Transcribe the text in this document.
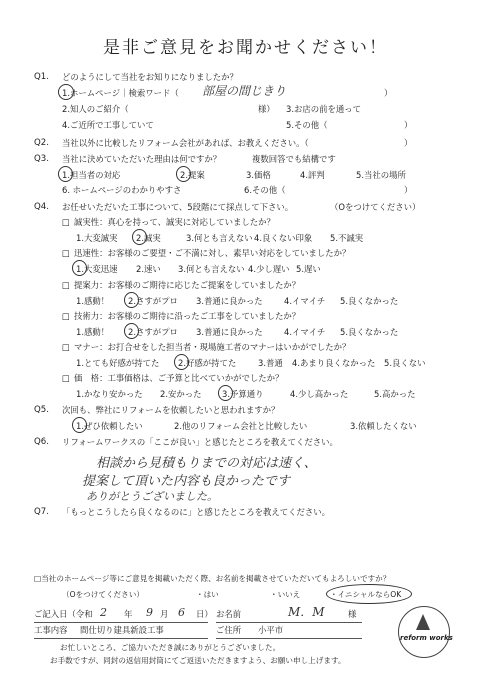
是非ご意見をお聞かせください！
Q1. どのようにして当社をお知りになりましたか？
1.ホームページ｜検索ワード（ 部屋の間じきり	）
2.知人のご紹介（	様） 3.お店の前を通って
4.ご近所で工事していて	5.その他（	）
Q2. 当社以外に比較したリフォーム会社があれば、お教えください。（	）
Q3. 当社に決めていただいた理由は何ですか？	複数回答でも結構です
1.担当者の対応	2.提案	3.価格	4.評判	5.当社の場所
6. ホームページのわかりやすさ	6.その他（	）
Q4. お任せいただいた工事について、5段階にて採点して下さい。	（Oをつけてください）
□ 誠実性：真心を持って、誠実に対応していましたか？
1.大変誠実 2.誠実	3.何とも言えない 4.良くない印象 5.不誠実
□ 迅速性：お客様のご要望・ご不満に対し、素早い対応をしていましたか？
1.大変迅速 2.速い 3.何とも言えない 4.少し遅い 5.遅い
□ 提案力：お客様のご期待に応じたご提案をしていましたか？
1.感動！ 2.さすがプロ 3.普通に良かった	4.イマイチ 5.良くなかった
□ 技術力：お客様のご期待に沿ったご工事をしていましたか？
1.感動！ 2.さすがプロ 3.普通に良かった	4.イマイチ 5.良くなかった
□ マナー：お打合せをした担当者・現場施工者のマナーはいかがでしたか？
1.とても好感が持てた 2.好感が持てた	3.普通 4.あまり良くなかった 5.良くない
□ 価　格：工事価格は、ご予算と比べていかがでしたか？
1.かなり安かった 2.安かった 3.予算通り	4.少し高かった	5.高かった
Q5. 次回も、弊社にリフォームを依頼したいと思われますか？
1.ぜひ依頼したい	2.他のリフォーム会社と比較したい	3.依頼したくない
Q6. リフォームワークスの「ここが良い」と感じたところを教えてください。
相談から見積もりまでの対応は速く、
提案して頂いた内容も良かったです
ありがとうございました。
Q7. 「もっとこうしたら良くなるのに」と感じたところを教えてください。
□当社のホームページ等にご意見を掲載いただく際、お名前を掲載させていただいてもよろしいですか？
（Oをつけてください）	・はい	・いいえ	・イニシャルならOK
ご記入日（令和 2 年 9 月 6 日） お名前	M．M	様
工事内容 間仕切り建具新設工事	ご住所 小平市
お忙しいところ、ご協力いただき誠にありがとうございました。
お手数ですが、同封の返信用封筒にてご返送いただきますよう、お願い申し上げます。
reform works
